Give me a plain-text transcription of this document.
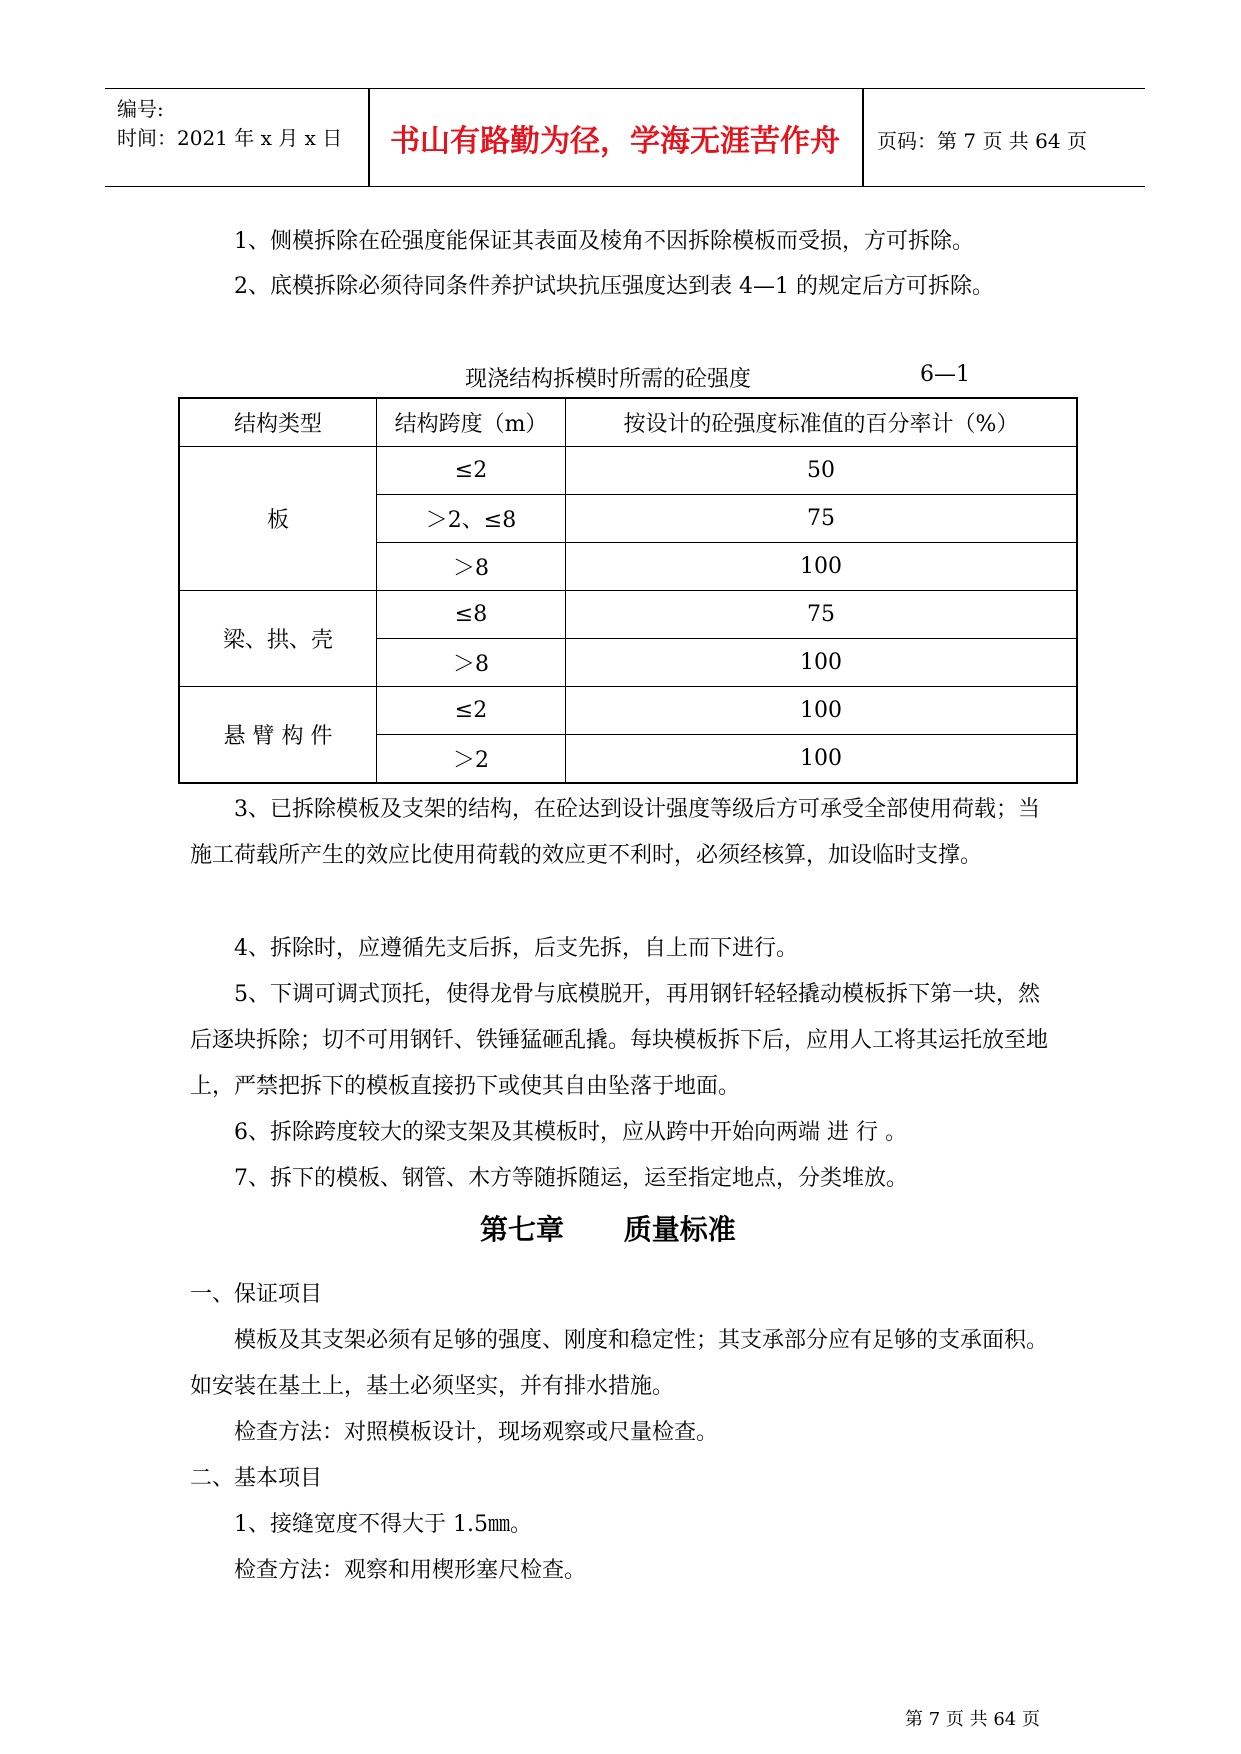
编号:
时间：2021 年 x 月 x 日 书山有路勤为径，学海无涯苦作舟 页码：第 7 页 共 64 页

1、侧模拆除在砼强度能保证其表面及棱角不因拆除模板而受损，方可拆除。

2、底模拆除必须待同条件养护试块抗压强度达到表 4—1 的规定后方可拆除。

现浇结构拆模时所需的砼强度	6—1
结构类型	结构跨度（m）	按设计的砼强度标准值的百分率计（%）
板	≤2	50
	＞2、≤8	75
	＞8	100
梁、拱、壳	≤8	75
	＞8	100
悬 臂 构 件	≤2	100
	＞2	100

3、已拆除模板及支架的结构，在砼达到设计强度等级后方可承受全部使用荷载；当施工荷载所产生的效应比使用荷载的效应更不利时，必须经核算，加设临时支撑。

4、拆除时，应遵循先支后拆，后支先拆，自上而下进行。

5、下调可调式顶托，使得龙骨与底模脱开，再用钢钎轻轻撬动模板拆下第一块，然后逐块拆除；切不可用钢钎、铁锤猛砸乱撬。每块模板拆下后，应用人工将其运托放至地上，严禁把拆下的模板直接扔下或使其自由坠落于地面。

6、拆除跨度较大的梁支架及其模板时，应从跨中开始向两端 进 行 。

7、拆下的模板、钢管、木方等随拆随运，运至指定地点，分类堆放。

第七章 质量标准

一、保证项目

模板及其支架必须有足够的强度、刚度和稳定性；其支承部分应有足够的支承面积。如安装在基土上，基土必须坚实，并有排水措施。

检查方法：对照模板设计，现场观察或尺量检查。

二、基本项目

1、接缝宽度不得大于 1.5㎜。

检查方法：观察和用楔形塞尺检查。

第 7 页 共 64 页
